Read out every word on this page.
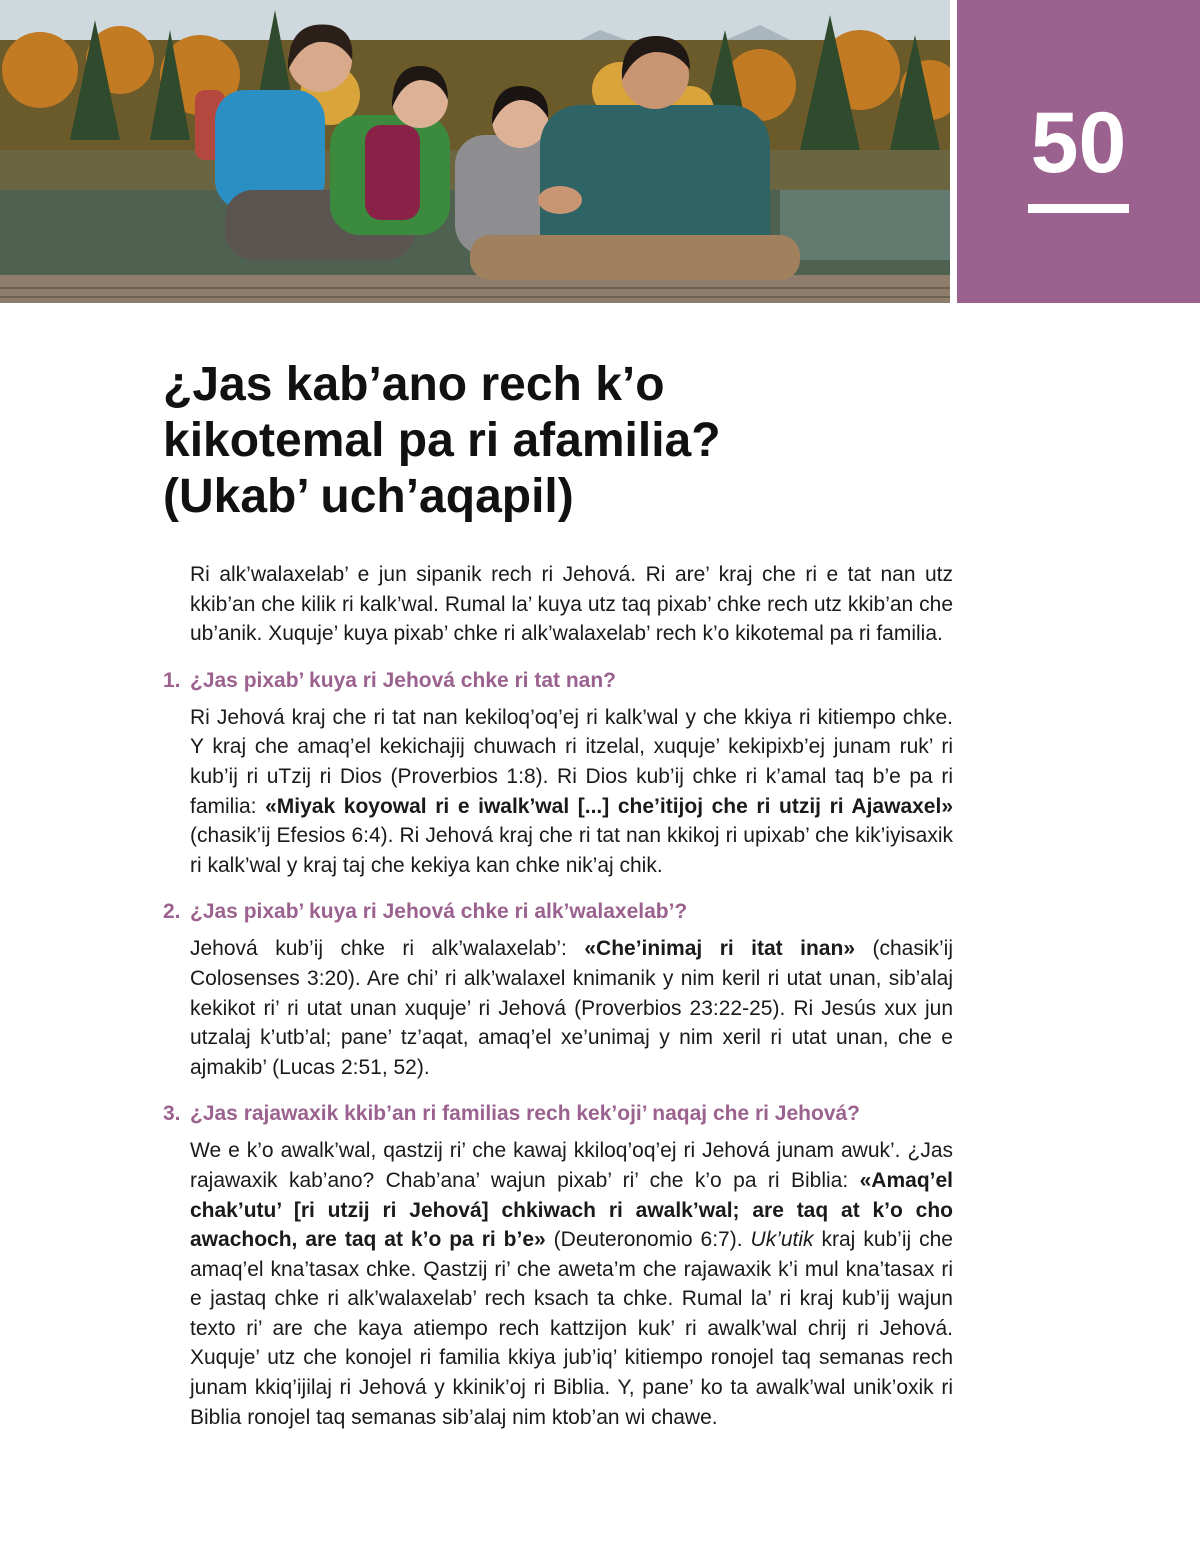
50
¿Jas kab’ano rech k’o
kikotemal pa ri afamilia?
(Ukab’ uch’aqapil)

Ri alk’walaxelab’ e jun sipanik rech ri Jehová. Ri are’ kraj che ri e tat nan utz kkib’an che kilik ri kalk’wal. Rumal la’ kuya utz taq pixab’ chke rech utz kkib’an che ub’anik. Xuquje’ kuya pixab’ chke ri alk’walaxelab’ rech k’o kikotemal pa ri familia.

1. ¿Jas pixab’ kuya ri Jehová chke ri tat nan?

Ri Jehová kraj che ri tat nan kekiloq’oq’ej ri kalk’wal y che kkiya ri kitiempo chke. Y kraj che amaq’el kekichajij chuwach ri itzelal, xuquje’ kekipixb’ej junam ruk’ ri kub’ij ri uTzij ri Dios (Proverbios 1:8). Ri Dios kub’ij chke ri k’amal taq b’e pa ri familia: «Miyak koyowal ri e iwalk’wal [...] che’itijoj che ri utzij ri Ajawaxel» (chasik’ij Efesios 6:4). Ri Jehová kraj che ri tat nan kkikoj ri upixab’ che kik’iyisaxik ri kalk’wal y kraj taj che kekiya kan chke nik’aj chik.

2. ¿Jas pixab’ kuya ri Jehová chke ri alk’walaxelab’?

Jehová kub’ij chke ri alk’walaxelab’: «Che’inimaj ri itat inan» (chasik’ij Colosenses 3:20). Are chi’ ri alk’walaxel knimanik y nim keril ri utat unan, sib’alaj kekikot ri’ ri utat unan xuquje’ ri Jehová (Proverbios 23:22-25). Ri Jesús xux jun utzalaj k’utb’al; pane’ tz’aqat, amaq’el xe’unimaj y nim xeril ri utat unan, che e ajmakib’ (Lucas 2:51, 52).

3. ¿Jas rajawaxik kkib’an ri familias rech kek’oji’ naqaj che ri Jehová?

We e k’o awalk’wal, qastzij ri’ che kawaj kkiloq’oq’ej ri Jehová junam awuk’. ¿Jas rajawaxik kab’ano? Chab’ana’ wajun pixab’ ri’ che k’o pa ri Biblia: «Amaq’el chak’utu’ [ri utzij ri Jehová] chkiwach ri awalk’wal; are taq at k’o cho awachoch, are taq at k’o pa ri b’e» (Deuteronomio 6:7). Uk’utik kraj kub’ij che amaq’el kna’tasax chke. Qastzij ri’ che aweta’m che rajawaxik k’i mul kna’tasax ri e jastaq chke ri alk’walaxelab’ rech ksach ta chke. Rumal la’ ri kraj kub’ij wajun texto ri’ are che kaya atiempo rech kattzijon kuk’ ri awalk’wal chrij ri Jehová. Xuquje’ utz che konojel ri familia kkiya jub’iq’ kitiempo ronojel taq semanas rech junam kkiq’ijilaj ri Jehová y kkinik’oj ri Biblia. Y, pane’ ko ta awalk’wal unik’oxik ri Biblia ronojel taq semanas sib’alaj nim ktob’an wi chawe.
